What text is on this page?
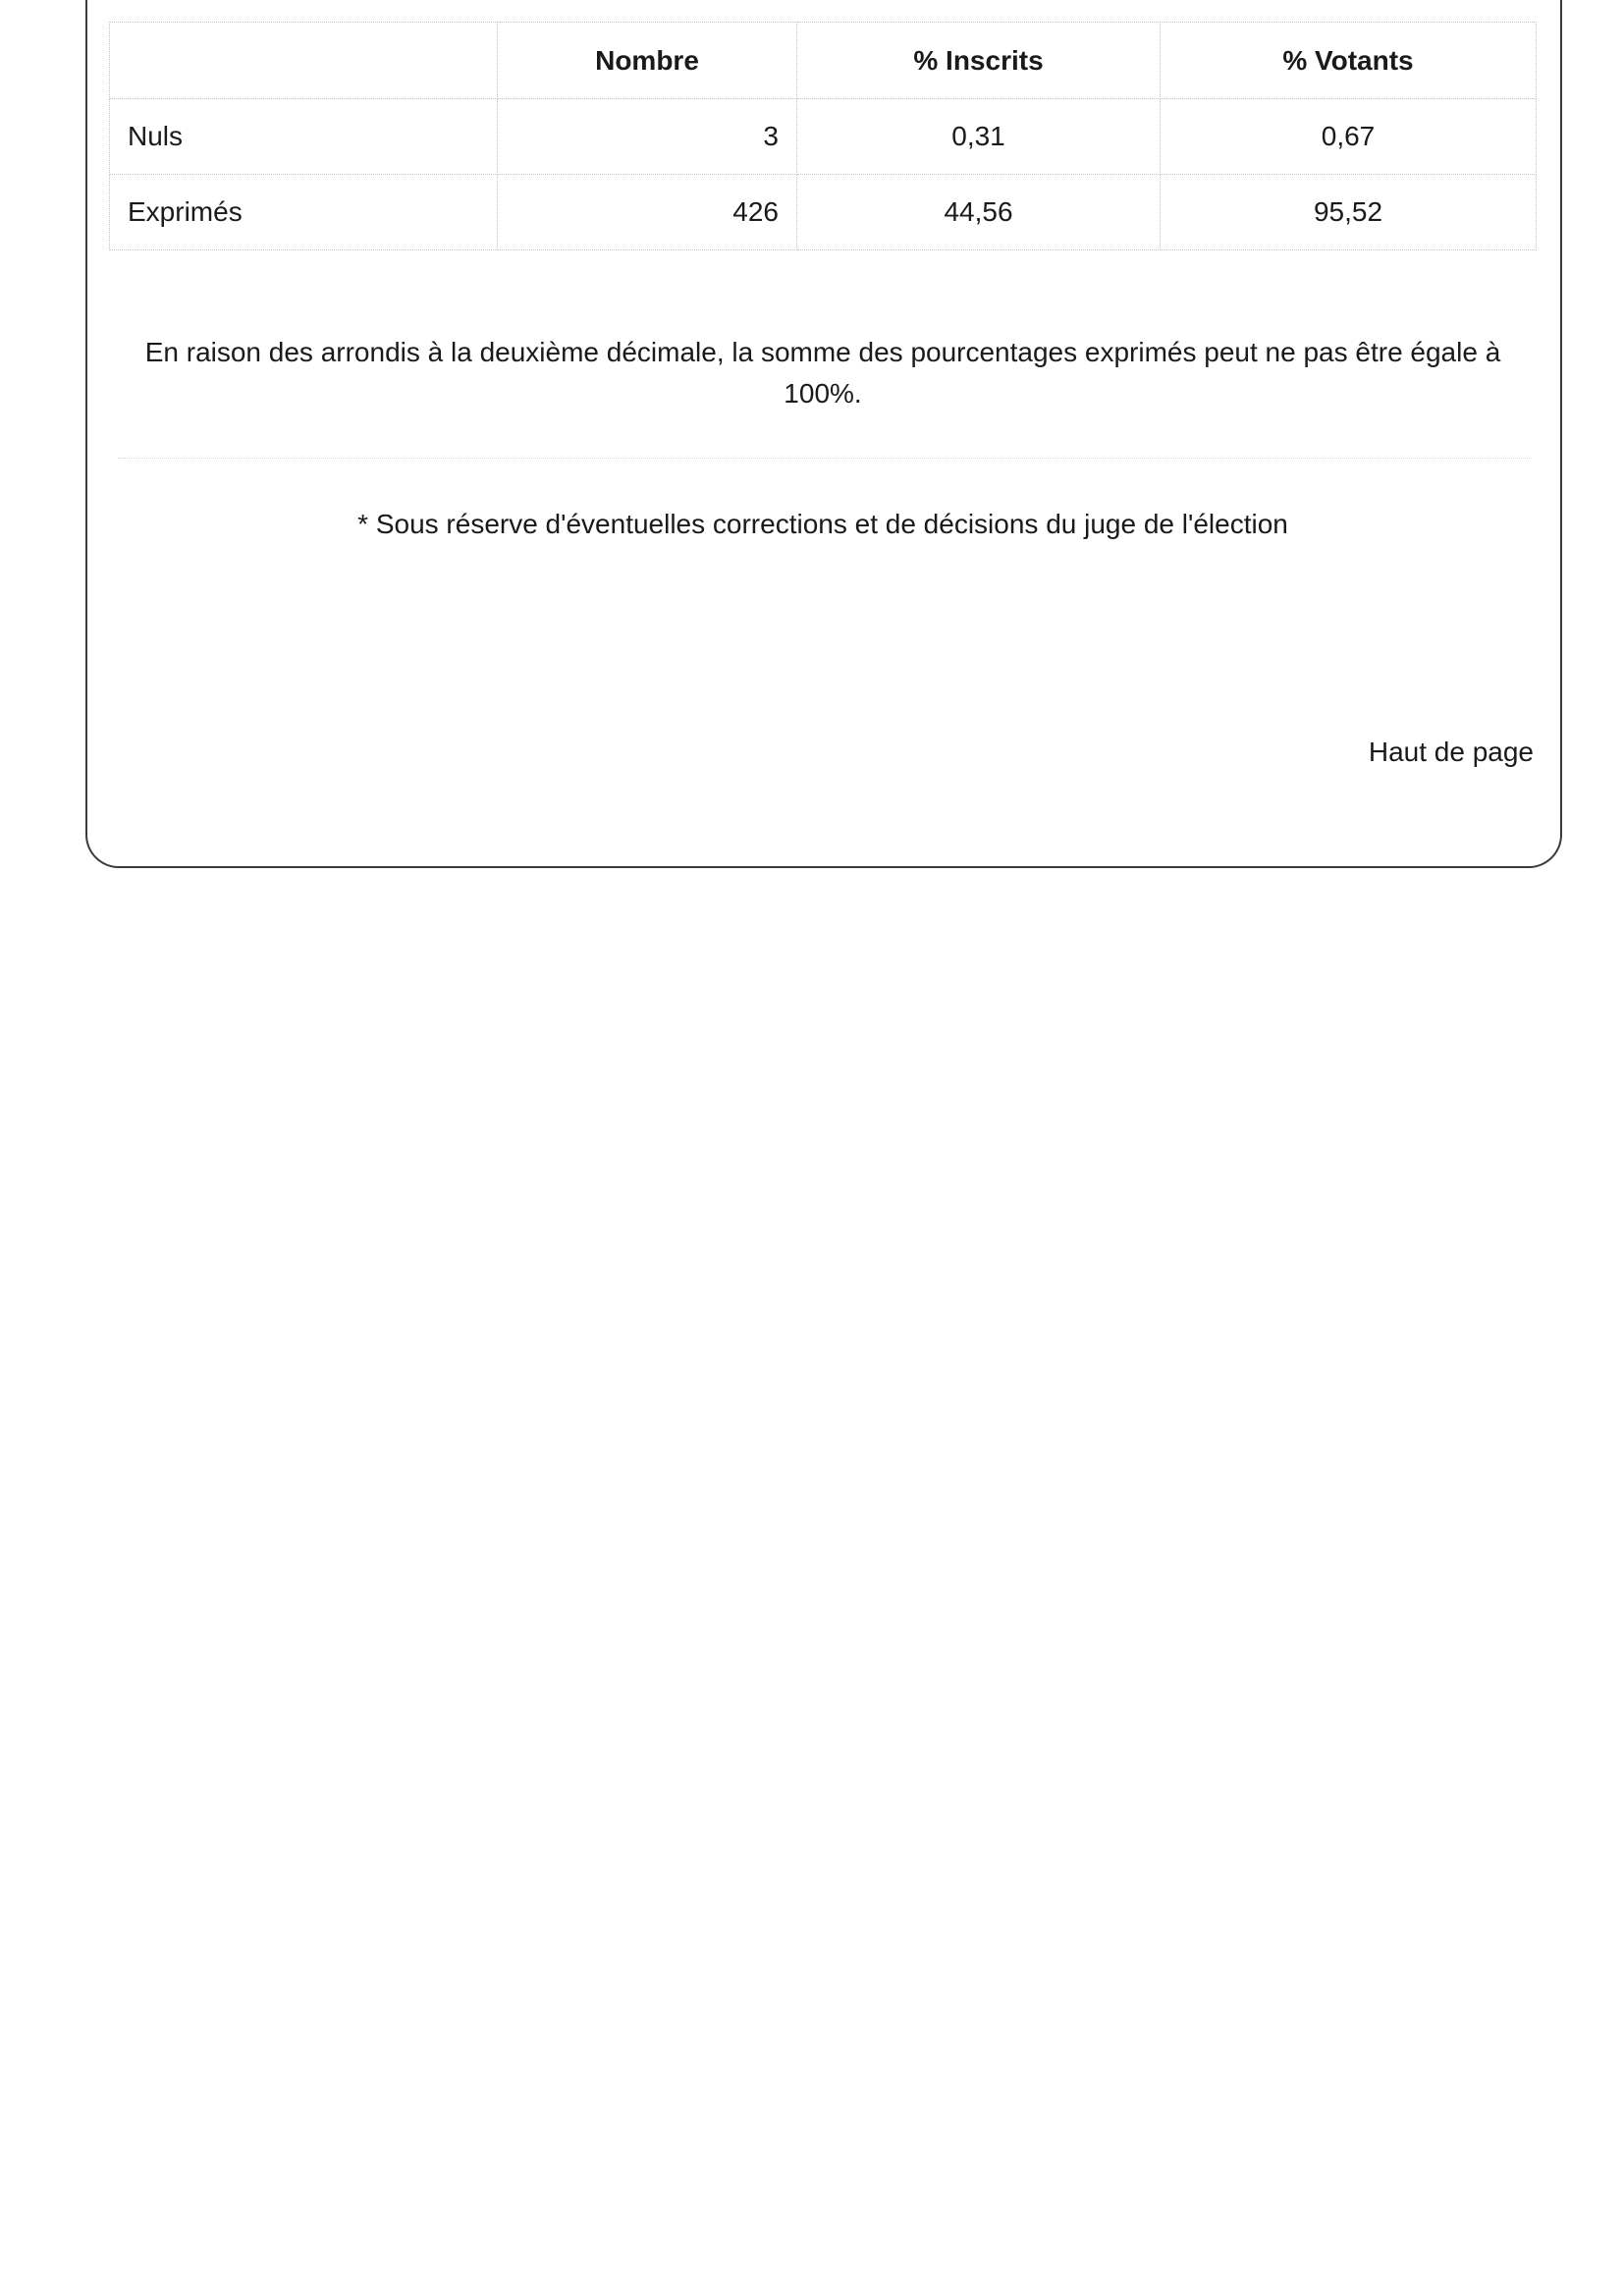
	Nombre	% Inscrits	% Votants
Nuls	3	0,31	0,67
Exprimés	426	44,56	95,52
En raison des arrondis à la deuxième décimale, la somme des pourcentages exprimés peut ne pas être égale à 100%.
* Sous réserve d'éventuelles corrections et de décisions du juge de l'élection
Haut de page
